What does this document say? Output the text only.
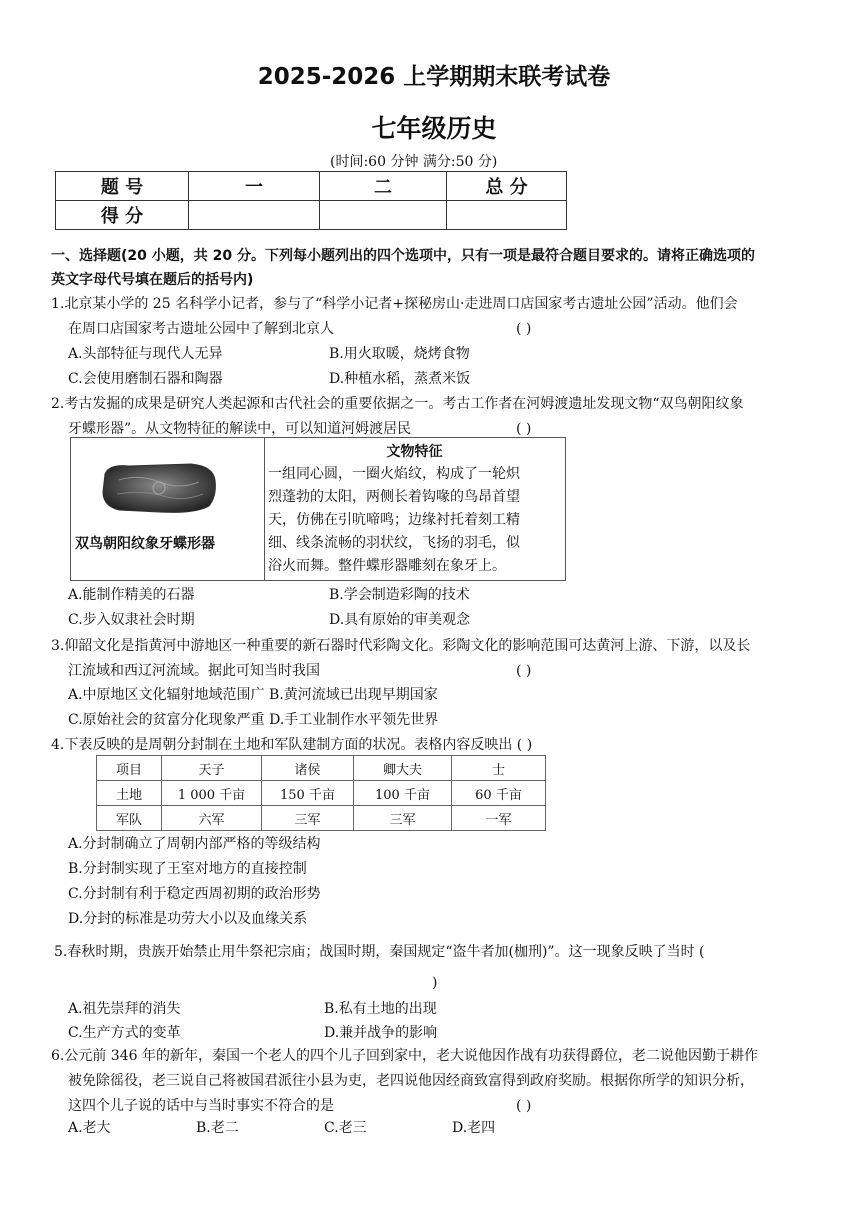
2025-2026 上学期期末联考试卷
七年级历史
(时间:60 分钟 满分:50 分)
题 号	一	二	总 分
得 分			
一、选择题(20 小题，共 20 分。下列每小题列出的四个选项中，只有一项是最符合题目要求的。请将正确选项的
英文字母代号填在题后的括号内)
1.北京某小学的 25 名科学小记者，参与了“科学小记者+探秘房山·走进周口店国家考古遗址公园”活动。他们会
在周口店国家考古遗址公园中了解到北京人	( )
A.头部特征与现代人无异	B.用火取暖，烧烤食物
C.会使用磨制石器和陶器	D.种植水稻，蒸煮米饭
2.考古发掘的成果是研究人类起源和古代社会的重要依据之一。考古工作者在河姆渡遗址发现文物“双鸟朝阳纹象
牙蝶形器”。从文物特征的解读中，可以知道河姆渡居民	( )
双鸟朝阳纹象牙蝶形器
文物特征
一组同心圆，一圈火焰纹，构成了一轮炽
烈蓬勃的太阳，两侧长着钩喙的鸟昂首望
天，仿佛在引吭啼鸣；边缘衬托着刻工精
细、线条流畅的羽状纹，飞扬的羽毛，似
浴火而舞。整件蝶形器雕刻在象牙上。
A.能制作精美的石器	B.学会制造彩陶的技术
C.步入奴隶社会时期	D.具有原始的审美观念
3.仰韶文化是指黄河中游地区一种重要的新石器时代彩陶文化。彩陶文化的影响范围可达黄河上游、下游，以及长
江流域和西辽河流域。据此可知当时我国	( )
A.中原地区文化辐射地域范围广 B.黄河流域已出现早期国家
C.原始社会的贫富分化现象严重 D.手工业制作水平领先世界
4.下表反映的是周朝分封制在土地和军队建制方面的状况。表格内容反映出 ( )
项目	天子	诸侯	卿大夫	士
土地	1 000 千亩	150 千亩	100 千亩	60 千亩
军队	六军	三军	三军	一军
A.分封制确立了周朝内部严格的等级结构
B.分封制实现了王室对地方的直接控制
C.分封制有利于稳定西周初期的政治形势
D.分封的标准是功劳大小以及血缘关系
5.春秋时期，贵族开始禁止用牛祭祀宗庙；战国时期，秦国规定“盗牛者加(枷刑)”。这一现象反映了当时 (
)
A.祖先崇拜的消失	B.私有土地的出现
C.生产方式的变革	D.兼并战争的影响
6.公元前 346 年的新年，秦国一个老人的四个儿子回到家中，老大说他因作战有功获得爵位，老二说他因勤于耕作
被免除徭役，老三说自己将被国君派往小县为吏，老四说他因经商致富得到政府奖励。根据你所学的知识分析，
这四个儿子说的话中与当时事实不符合的是	( )
A.老大	B.老二	C.老三	D.老四
